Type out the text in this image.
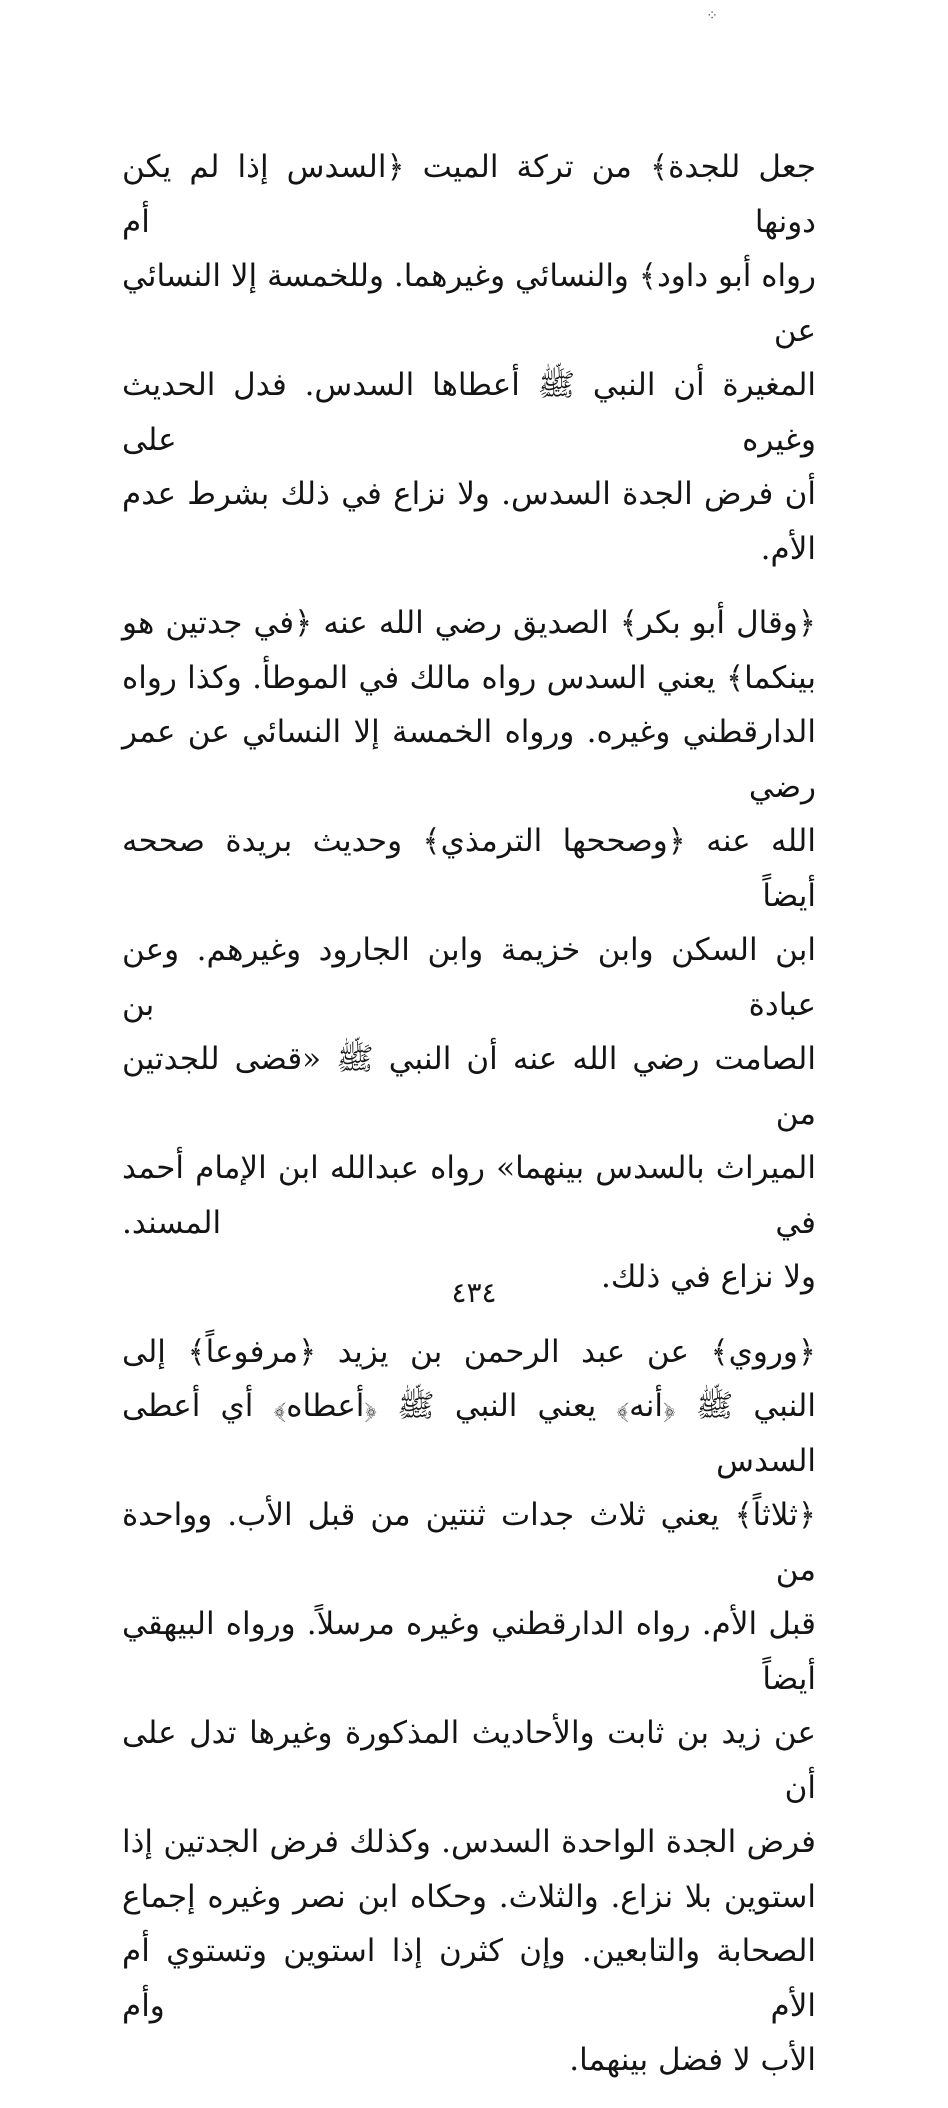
⁘

جعل للجدة﴾ من تركة الميت ﴿السدس إذا لم يكن دونها أم
رواه أبو داود﴾ والنسائي وغيرهما. وللخمسة إلا النسائي عن
المغيرة أن النبي ﷺ أعطاها السدس. فدل الحديث وغيره على
أن فرض الجدة السدس. ولا نزاع في ذلك بشرط عدم الأم.

﴿وقال أبو بكر﴾ الصديق رضي الله عنه ﴿في جدتين هو
بينكما﴾ يعني السدس رواه مالك في الموطأ. وكذا رواه
الدارقطني وغيره. ورواه الخمسة إلا النسائي عن عمر رضي
الله عنه ﴿وصححها الترمذي﴾ وحديث بريدة صححه أيضاً
ابن السكن وابن خزيمة وابن الجارود وغيرهم. وعن عبادة بن
الصامت رضي الله عنه أن النبي ﷺ «قضى للجدتين من
الميراث بالسدس بينهما» رواه عبدالله ابن الإمام أحمد في المسند.
ولا نزاع في ذلك.

﴿وروي﴾ عن عبد الرحمن بن يزيد ﴿مرفوعاً﴾ إلى
النبي ﷺ ﴿أنه﴾ يعني النبي ﷺ ﴿أعطاه﴾ أي أعطى السدس
﴿ثلاثاً﴾ يعني ثلاث جدات ثنتين من قبل الأب. وواحدة من
قبل الأم. رواه الدارقطني وغيره مرسلاً. ورواه البيهقي أيضاً
عن زيد بن ثابت والأحاديث المذكورة وغيرها تدل على أن
فرض الجدة الواحدة السدس. وكذلك فرض الجدتين إذا
استوين بلا نزاع. والثلاث. وحكاه ابن نصر وغيره إجماع
الصحابة والتابعين. وإن كثرن إذا استوين وتستوي أم الأم وأم
الأب لا فضل بينهما.

٤٣٤
